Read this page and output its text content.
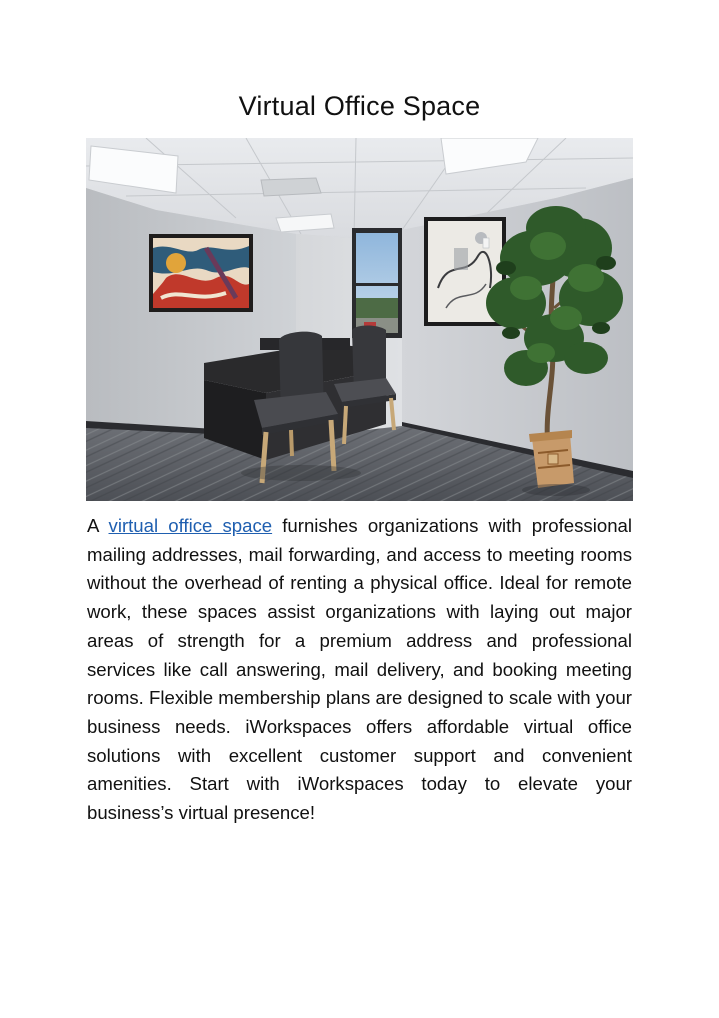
Virtual Office Space

A virtual office space furnishes organizations with professional mailing addresses, mail forwarding, and access to meeting rooms without the overhead of renting a physical office. Ideal for remote work, these spaces assist organizations with laying out major areas of strength for a premium address and professional services like call answering, mail delivery, and booking meeting rooms. Flexible membership plans are designed to scale with your business needs. iWorkspaces offers affordable virtual office solutions with excellent customer support and convenient amenities. Start with iWorkspaces today to elevate your business’s virtual presence!
